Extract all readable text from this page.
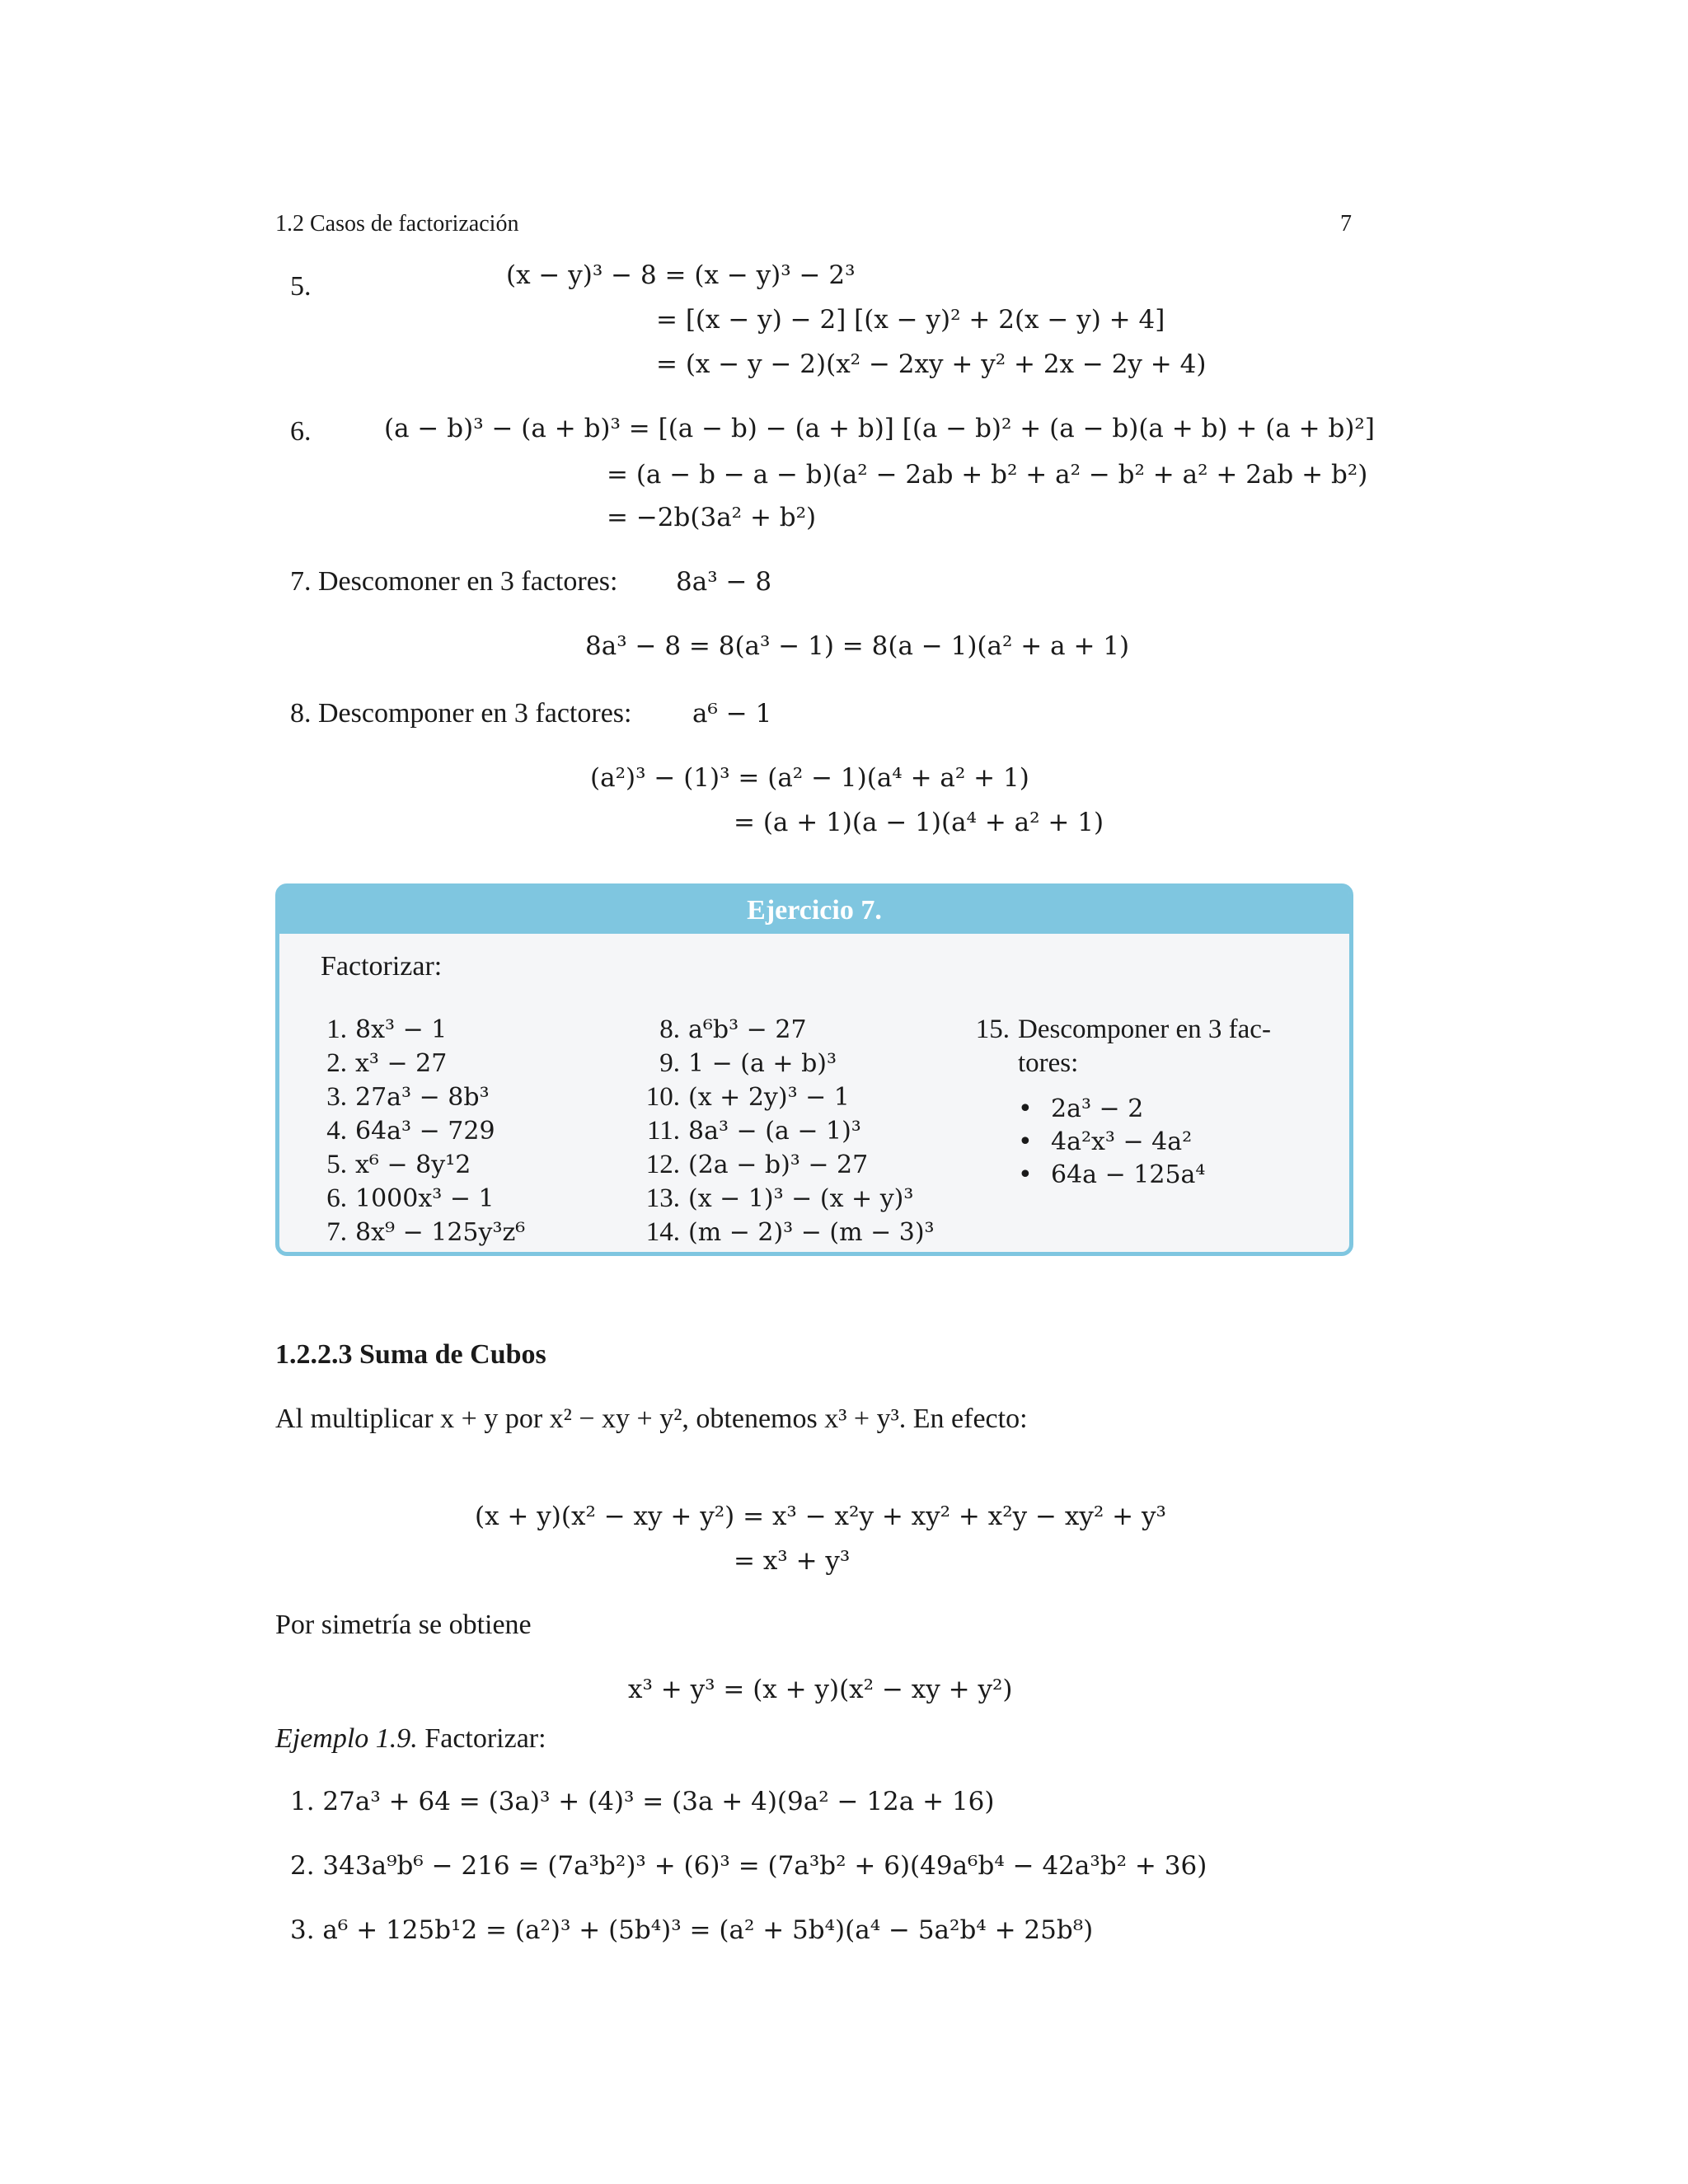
1.2 Casos de factorización	7
5.	(x − y)³ − 8 = (x − y)³ − 2³
= [(x − y) − 2] [(x − y)² + 2(x − y) + 4]
= (x − y − 2)(x² − 2xy + y² + 2x − 2y + 4)
6.	(a − b)³ − (a + b)³ = [(a − b) − (a + b)] [(a − b)² + (a − b)(a + b) + (a + b)²]
= (a − b − a − b)(a² − 2ab + b² + a² − b² + a² + 2ab + b²)
= −2b(3a² + b²)
7. Descomoner en 3 factores: 8a³ − 8
8a³ − 8 = 8(a³ − 1) = 8(a − 1)(a² + a + 1)
8. Descomponer en 3 factores: a⁶ − 1
(a²)³ − (1)³ = (a² − 1)(a⁴ + a² + 1)
= (a + 1)(a − 1)(a⁴ + a² + 1)
Ejercicio 7.
Factorizar:
1. 8x³ − 1
2. x³ − 27
3. 27a³ − 8b³
4. 64a³ − 729
5. x⁶ − 8y¹2
6. 1000x³ − 1
7. 8x⁹ − 125y³z⁶
8. a⁶b³ − 27
9. 1 − (a + b)³
10. (x + 2y)³ − 1
11. 8a³ − (a − 1)³
12. (2a − b)³ − 27
13. (x − 1)³ − (x + y)³
14. (m − 2)³ − (m − 3)³
15. Descomponer en 3 fac-
tores:
• 2a³ − 2
• 4a²x³ − 4a²
• 64a − 125a⁴
1.2.2.3 Suma de Cubos
Al multiplicar x + y por x² − xy + y², obtenemos x³ + y³. En efecto:
(x + y)(x² − xy + y²) = x³ − x²y + xy² + x²y − xy² + y³
= x³ + y³
Por simetría se obtiene
x³ + y³ = (x + y)(x² − xy + y²)
Ejemplo 1.9. Factorizar:
1. 27a³ + 64 = (3a)³ + (4)³ = (3a + 4)(9a² − 12a + 16)
2. 343a⁹b⁶ − 216 = (7a³b²)³ + (6)³ = (7a³b² + 6)(49a⁶b⁴ − 42a³b² + 36)
3. a⁶ + 125b¹2 = (a²)³ + (5b⁴)³ = (a² + 5b⁴)(a⁴ − 5a²b⁴ + 25b⁸)
